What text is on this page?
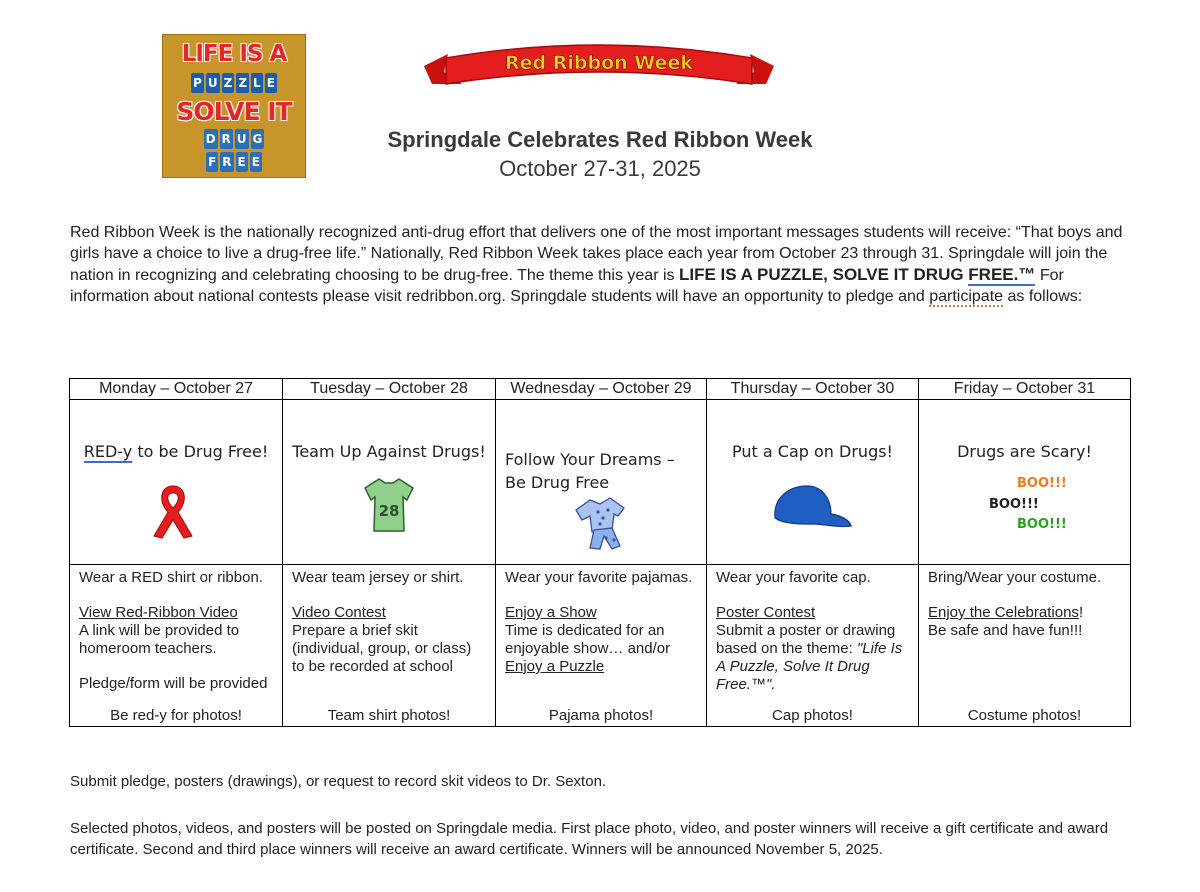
LIFE IS A
P U Z Z L E
SOLVE IT
D R U G
F R E E
Red Ribbon Week
Springdale Celebrates Red Ribbon Week
October 27-31, 2025
Red Ribbon Week is the nationally recognized anti-drug effort that delivers one of the most important messages students will receive: “That boys and girls have a choice to live a drug-free life.” Nationally, Red Ribbon Week takes place each year from October 23 through 31. Springdale will join the nation in recognizing and celebrating choosing to be drug-free. The theme this year is LIFE IS A PUZZLE, SOLVE IT DRUG FREE.™ For information about national contests please visit redribbon.org. Springdale students will have an opportunity to pledge and participate as follows:
Monday – October 27
RED-y to be Drug Free!

Wear a RED shirt or ribbon.

View Red-Ribbon Video

A link will be provided to homeroom teachers.

Pledge/form will be provided

Be red-y for photos!
Tuesday – October 28
Team Up Against Drugs!
28

Wear team jersey or shirt.

Video Contest

Prepare a brief skit (individual, group, or class) to be recorded at school

Team shirt photos!
Wednesday – October 29
Follow Your Dreams – Be Drug Free

Wear your favorite pajamas.

Enjoy a Show

Time is dedicated for an enjoyable show… and/or

Enjoy a Puzzle

Pajama photos!
Thursday – October 30
Put a Cap on Drugs!

Wear your favorite cap.

Poster Contest

Submit a poster or drawing based on the theme: "Life Is A Puzzle, Solve It Drug Free.™".

Cap photos!
Friday – October 31
Drugs are Scary!
BOO!!!
BOO!!!
BOO!!!

Bring/Wear your costume.

Enjoy the Celebrations!

Be safe and have fun!!!

Costume photos!
Submit pledge, posters (drawings), or request to record skit videos to Dr. Sexton.
Selected photos, videos, and posters will be posted on Springdale media. First place photo, video, and poster winners will receive a gift certificate and award certificate. Second and third place winners will receive an award certificate. Winners will be announced November 5, 2025.
